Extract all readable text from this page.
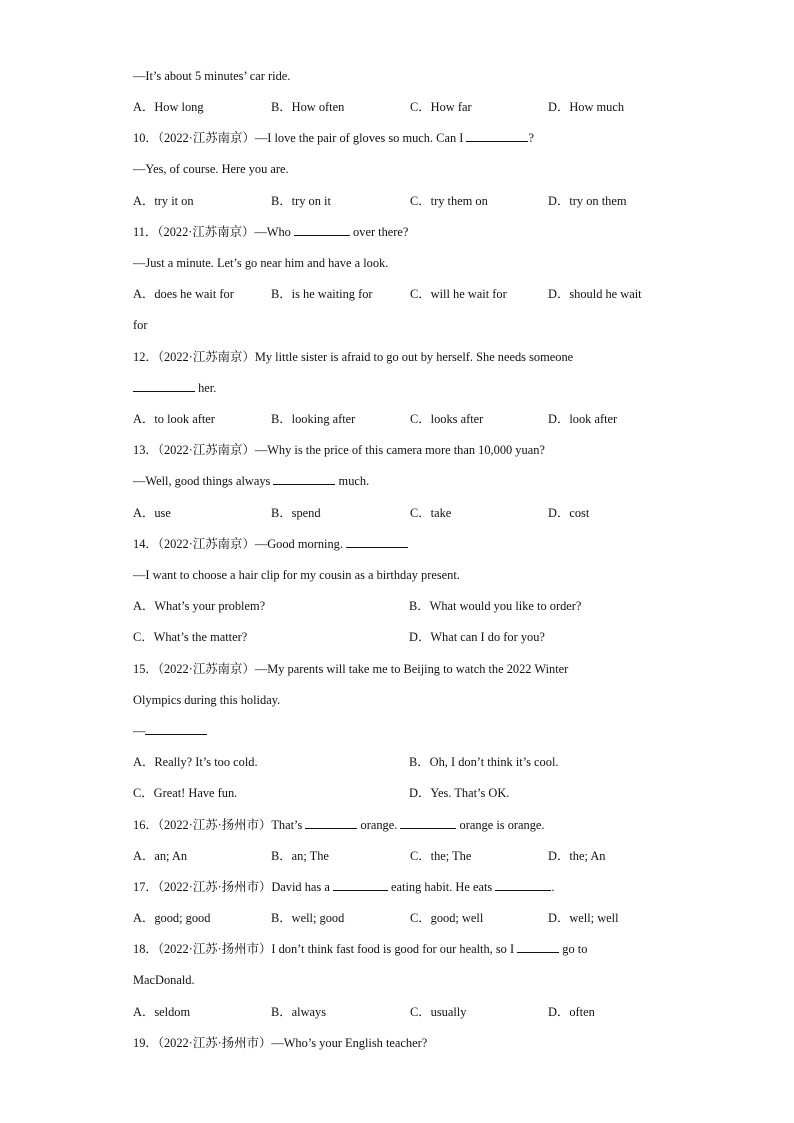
—It’s about 5 minutes’ car ride.
A．How long	B．How often	C．How far	D．How much
10．（2022·江苏南京）—I love the pair of gloves so much. Can I	?
—Yes, of course. Here you are.
A．try it on	B．try on it	C．try them on	D．try on them
11．（2022·江苏南京）—Who	over there?
—Just a minute. Let’s go near him and have a look.
A．does he wait for	B．is he waiting for	C．will he wait for	D．should he wait
for
12．（2022·江苏南京）My little sister is afraid to go out by herself. She needs someone
her.
A．to look after	B．looking after	C．looks after	D．look after
13．（2022·江苏南京）—Why is the price of this camera more than 10,000 yuan?
—Well, good things always	much.
A．use	B．spend	C．take	D．cost
14．（2022·江苏南京）—Good morning.
—I want to choose a hair clip for my cousin as a birthday present.
A．What’s your problem?	B．What would you like to order?
C．What’s the matter?	D．What can I do for you?
15．（2022·江苏南京）—My parents will take me to Beijing to watch the 2022 Winter
Olympics during this holiday.
—
A．Really? It’s too cold.	B．Oh, I don’t think it’s cool.
C．Great! Have fun.	D．Yes. That’s OK.
16．（2022·江苏·扬州市）That’s	orange.	orange is orange.
A．an; An	B．an; The	C．the; The	D．the; An
17．（2022·江苏·扬州市）David has a	eating habit. He eats	.
A．good; good	B．well; good	C．good; well	D．well; well
18．（2022·江苏·扬州市）I don’t think fast food is good for our health, so I	go to
MacDonald.
A．seldom	B．always	C．usually	D．often
19．（2022·江苏·扬州市）—Who’s your English teacher?
